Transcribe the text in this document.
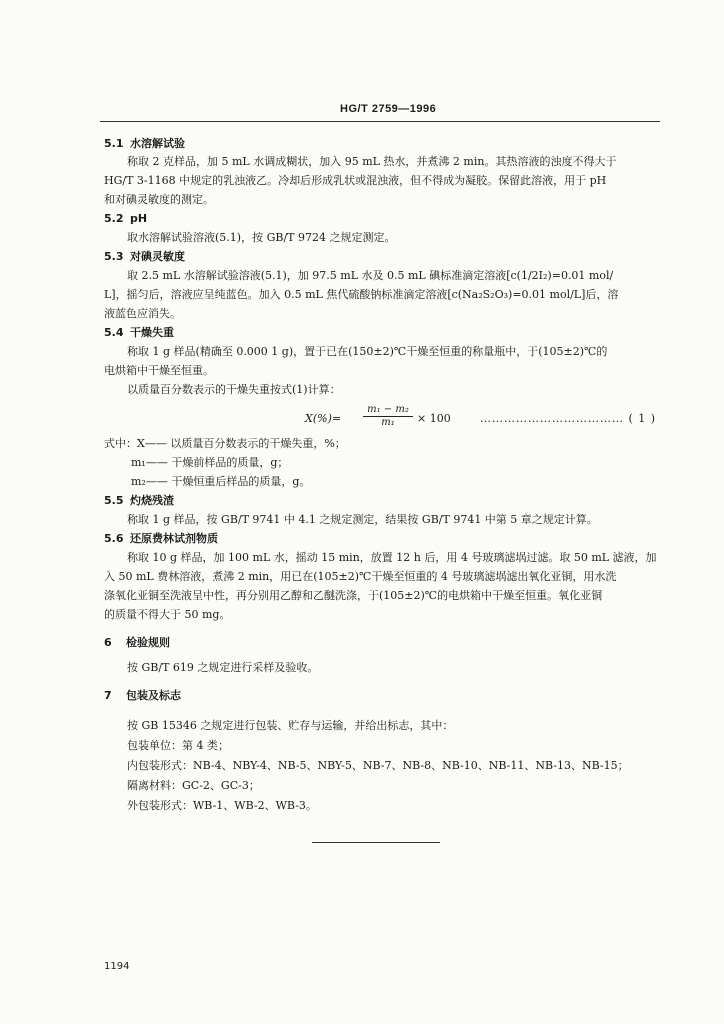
HG/T 2759—1996
5.1 水溶解试验
称取 2 克样品，加 5 mL 水调成糊状，加入 95 mL 热水，并煮沸 2 min。其热溶液的浊度不得大于
HG/T 3-1168 中规定的乳浊液乙。冷却后形成乳状或混浊液，但不得成为凝胶。保留此溶液，用于 pH
和对碘灵敏度的测定。
5.2 pH
取水溶解试验溶液(5.1)，按 GB/T 9724 之规定测定。
5.3 对碘灵敏度
取 2.5 mL 水溶解试验溶液(5.1)，加 97.5 mL 水及 0.5 mL 碘标准滴定溶液[c(1/2I₂)=0.01 mol/
L]，摇匀后，溶液应呈纯蓝色。加入 0.5 mL 焦代硫酸钠标准滴定溶液[c(Na₂S₂O₃)=0.01 mol/L]后，溶
液蓝色应消失。
5.4 干燥失重
称取 1 g 样品(精确至 0.000 1 g)，置于已在(150±2)℃干燥至恒重的称量瓶中，于(105±2)℃的
电烘箱中干燥至恒重。
以质量百分数表示的干燥失重按式(1)计算：
式中：X—— 以质量百分数表示的干燥失重，%；
m₁—— 干燥前样品的质量，g；
m₂—— 干燥恒重后样品的质量，g。
5.5 灼烧残渣
称取 1 g 样品，按 GB/T 9741 中 4.1 之规定测定，结果按 GB/T 9741 中第 5 章之规定计算。
5.6 还原费林试剂物质
称取 10 g 样品，加 100 mL 水，摇动 15 min，放置 12 h 后，用 4 号玻璃滤埚过滤。取 50 mL 滤液，加
入 50 mL 费林溶液，煮沸 2 min，用已在(105±2)℃干燥至恒重的 4 号玻璃滤埚滤出氧化亚铜，用水洗
涤氧化亚铜至洗液呈中性，再分别用乙醇和乙醚洗涤，于(105±2)℃的电烘箱中干燥至恒重。氧化亚铜
的质量不得大于 50 mg。
6 检验规则
按 GB/T 619 之规定进行采样及验收。
7 包装及标志
按 GB 15346 之规定进行包装、贮存与运输，并给出标志，其中：
包装单位：第 4 类；
内包装形式：NB-4、NBY-4、NB-5、NBY-5、NB-7、NB-8、NB-10、NB-11、NB-13、NB-15；
隔离材料：GC-2、GC-3；
外包装形式：WB-1、WB-2、WB-3。
$X(\%)= \frac{\text{m₁ − m₂}}{\text{m₁}} \times 100$	……………………………… ( 1 )
1194
